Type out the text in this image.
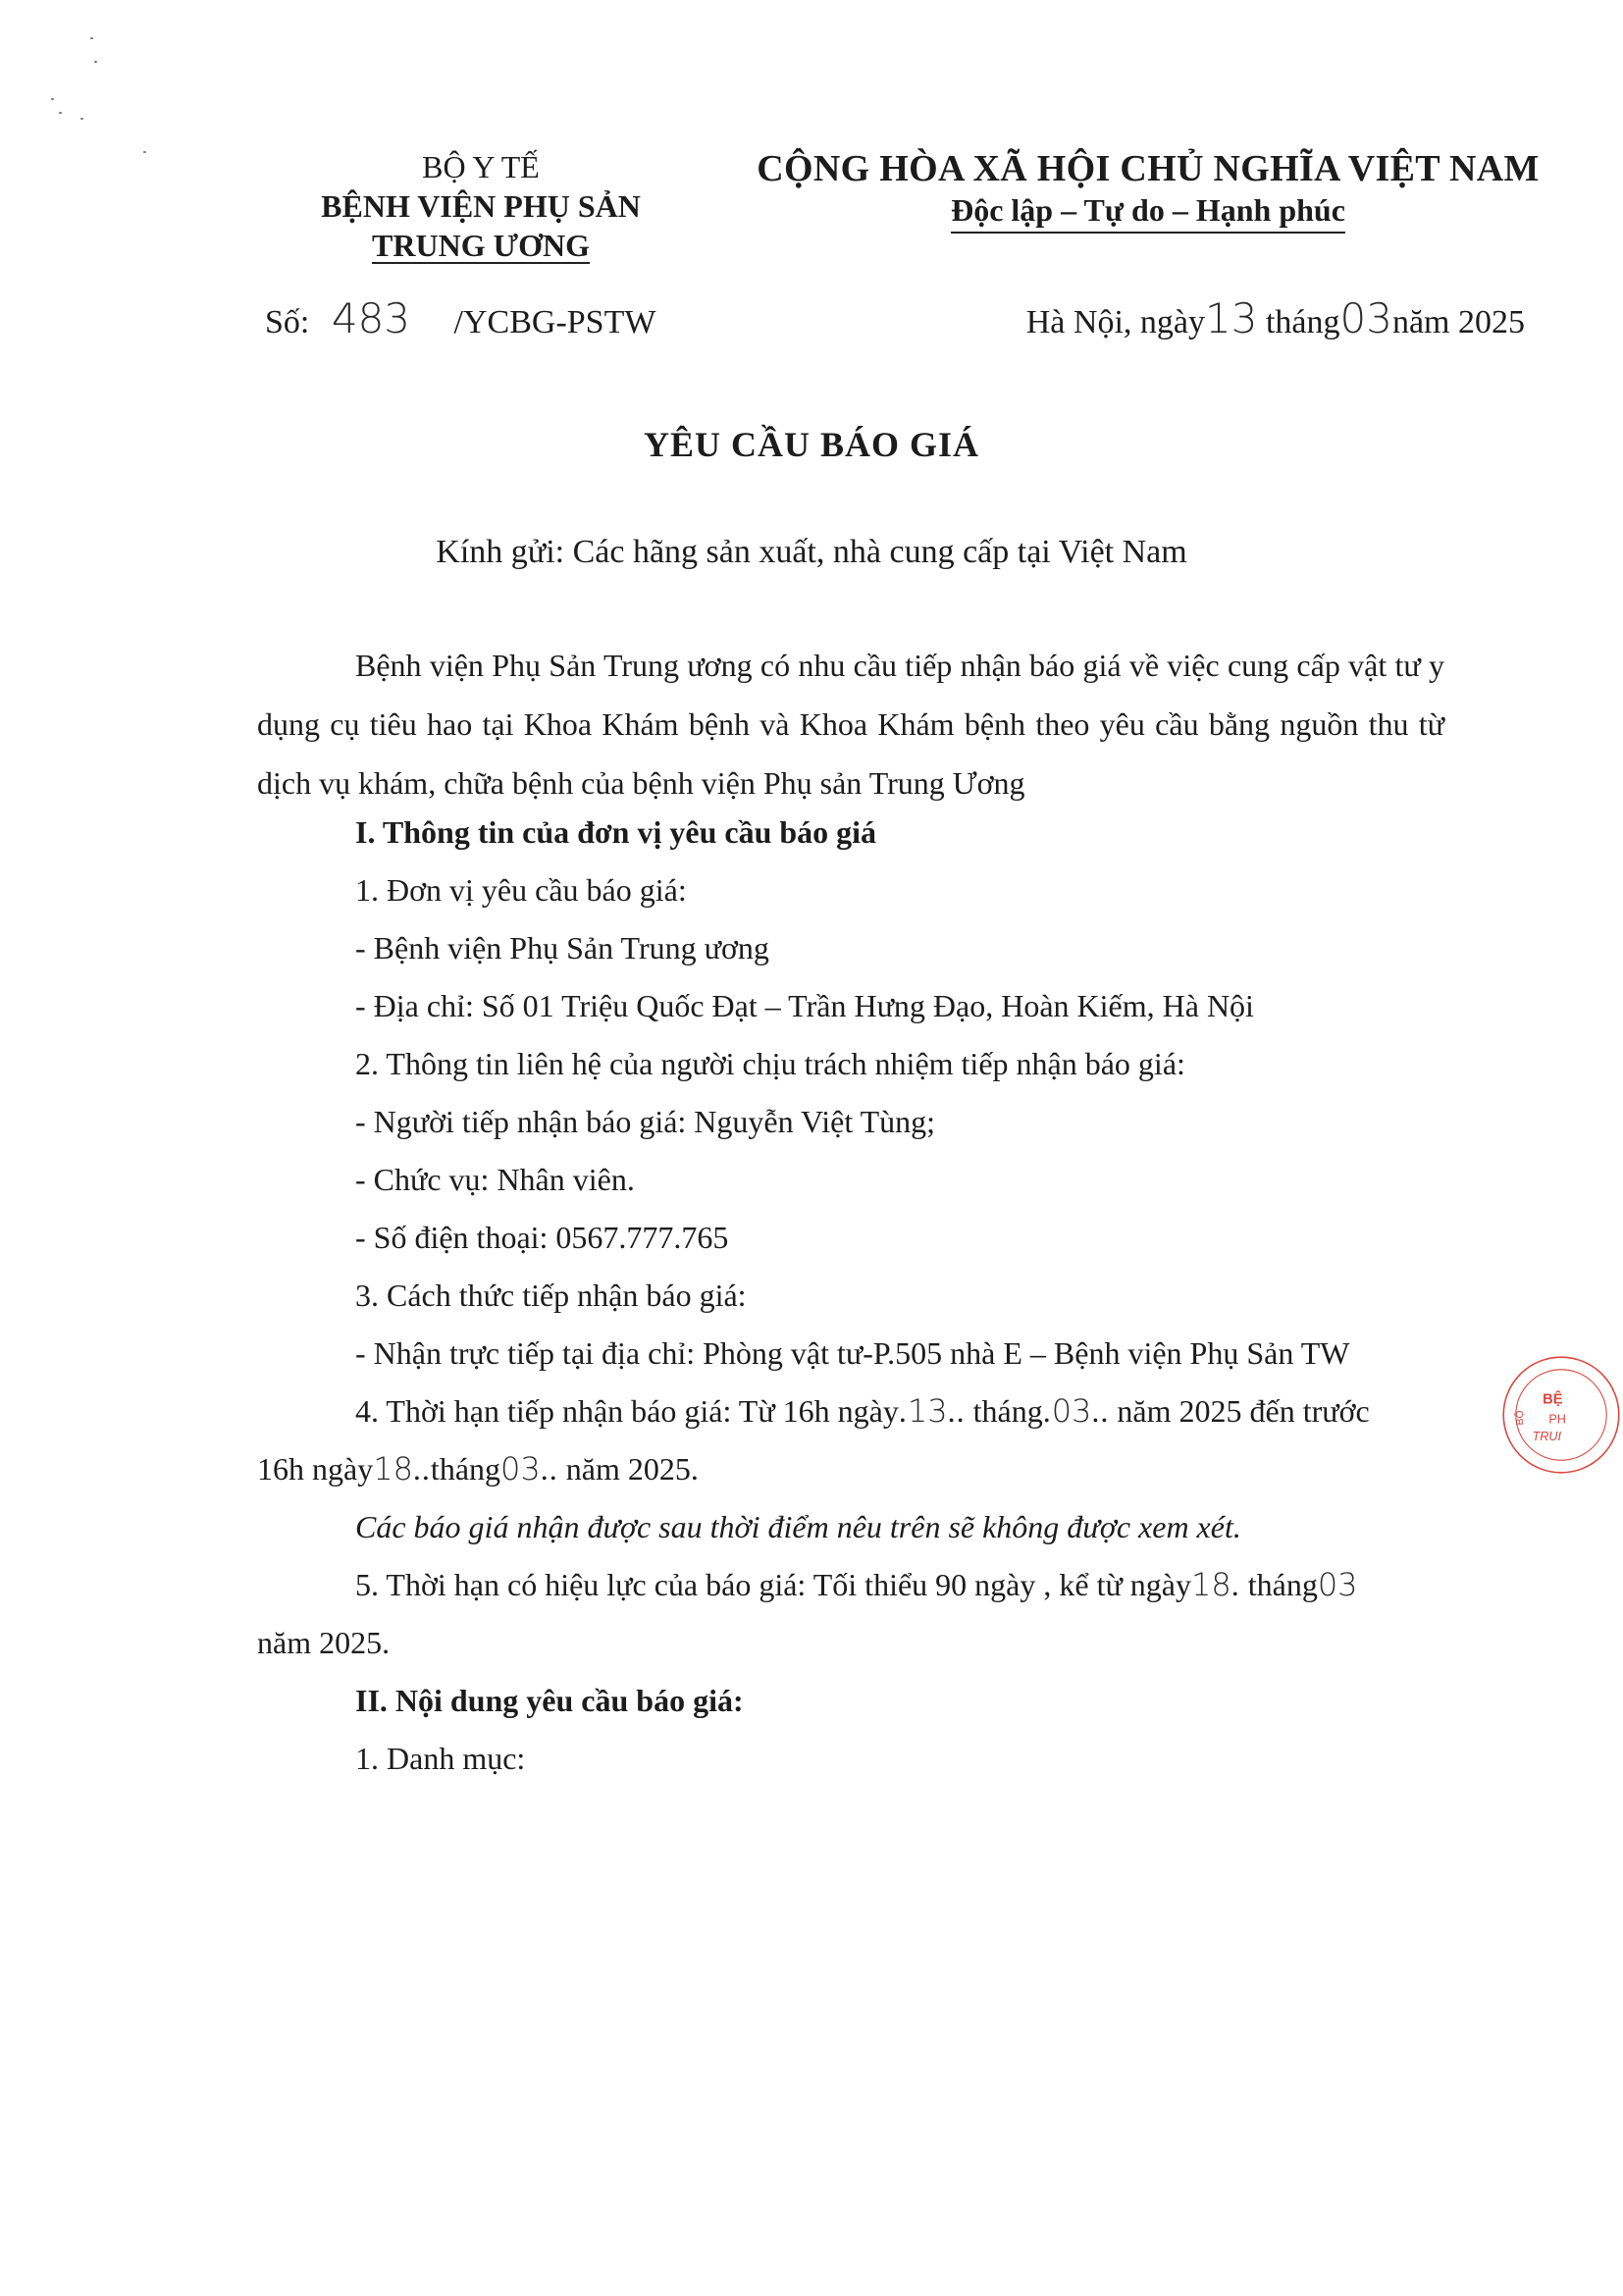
BỘ Y TẾ
BỆNH VIỆN PHỤ SẢN
TRUNG ƯƠNG
CỘNG HÒA XÃ HỘI CHỦ NGHĨA VIỆT NAM
Độc lập – Tự do – Hạnh phúc
Số: 483 /YCBG-PSTW	Hà Nội, ngày13 tháng03năm 2025
YÊU CẦU BÁO GIÁ
Kính gửi: Các hãng sản xuất, nhà cung cấp tại Việt Nam
Bệnh viện Phụ Sản Trung ương có nhu cầu tiếp nhận báo giá về việc cung cấp vật tư y dụng cụ tiêu hao tại Khoa Khám bệnh và Khoa Khám bệnh theo yêu cầu bằng nguồn thu từ dịch vụ khám, chữa bệnh của bệnh viện Phụ sản Trung Ương
I. Thông tin của đơn vị yêu cầu báo giá
1. Đơn vị yêu cầu báo giá:
- Bệnh viện Phụ Sản Trung ương
- Địa chỉ: Số 01 Triệu Quốc Đạt – Trần Hưng Đạo, Hoàn Kiếm, Hà Nội
2. Thông tin liên hệ của người chịu trách nhiệm tiếp nhận báo giá:
- Người tiếp nhận báo giá: Nguyễn Việt Tùng;
- Chức vụ: Nhân viên.
- Số điện thoại: 0567.777.765
3. Cách thức tiếp nhận báo giá:
- Nhận trực tiếp tại địa chỉ: Phòng vật tư-P.505 nhà E – Bệnh viện Phụ Sản TW
4. Thời hạn tiếp nhận báo giá: Từ 16h ngày.13.. tháng.03.. năm 2025 đến trước
16h ngày18..tháng03.. năm 2025.
Các báo giá nhận được sau thời điểm nêu trên sẽ không được xem xét.
5. Thời hạn có hiệu lực của báo giá: Tối thiểu 90 ngày , kể từ ngày18. tháng03
năm 2025.
II. Nội dung yêu cầu báo giá:
1. Danh mục:
BỆ
PH
TRUI
BỘ
